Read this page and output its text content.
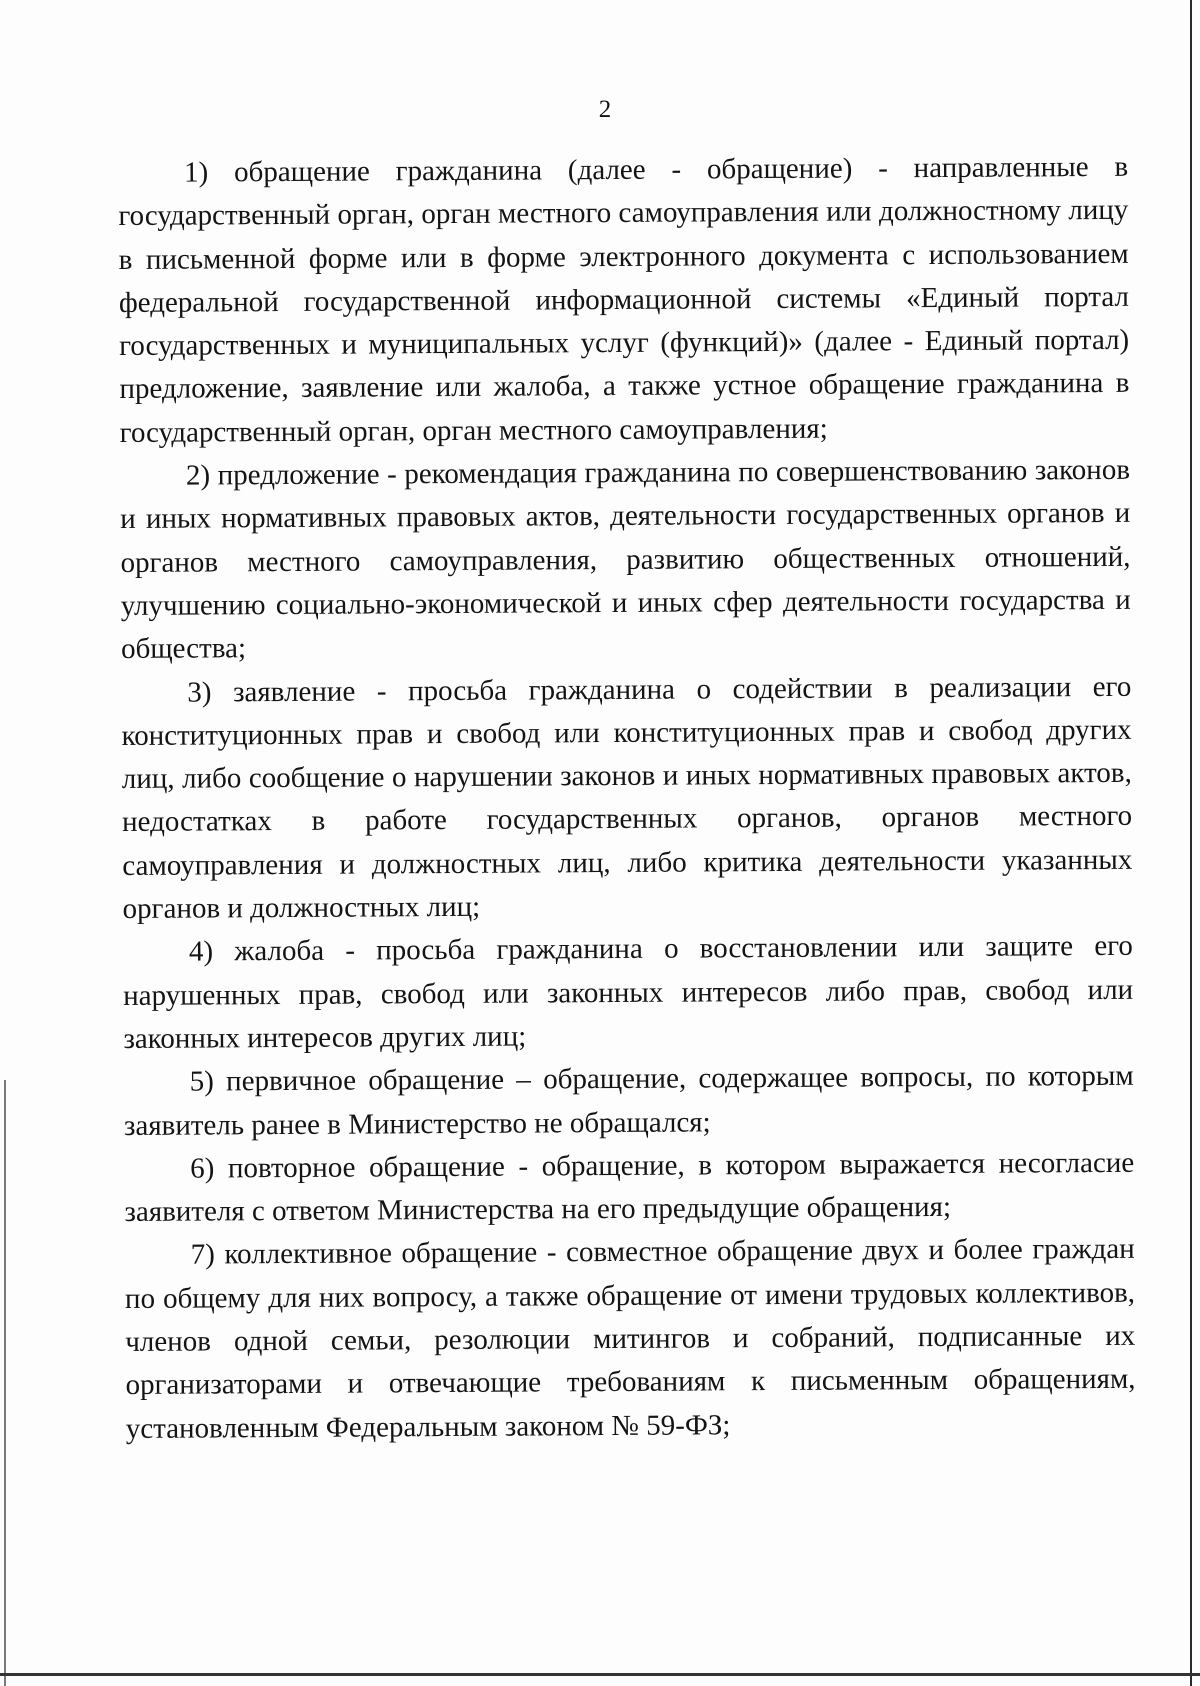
2

1) обращение гражданина (далее - обращение) - направленные в государственный орган, орган местного самоуправления или должностному лицу в письменной форме или в форме электронного документа с использованием федеральной государственной информационной системы «Единый портал государственных и муниципальных услуг (функций)» (далее - Единый портал) предложение, заявление или жалоба, а также устное обращение гражданина в государственный орган, орган местного самоуправления;

2) предложение - рекомендация гражданина по совершенствованию законов и иных нормативных правовых актов, деятельности государственных органов и органов местного самоуправления, развитию общественных отношений, улучшению социально-экономической и иных сфер деятельности государства и общества;

3) заявление - просьба гражданина о содействии в реализации его конституционных прав и свобод или конституционных прав и свобод других лиц, либо сообщение о нарушении законов и иных нормативных правовых актов, недостатках в работе государственных органов, органов местного самоуправления и должностных лиц, либо критика деятельности указанных органов и должностных лиц;

4) жалоба - просьба гражданина о восстановлении или защите его нарушенных прав, свобод или законных интересов либо прав, свобод или законных интересов других лиц;

5) первичное обращение – обращение, содержащее вопросы, по которым заявитель ранее в Министерство не обращался;

6) повторное обращение - обращение, в котором выражается несогласие заявителя с ответом Министерства на его предыдущие обращения;

7) коллективное обращение - совместное обращение двух и более граждан по общему для них вопросу, а также обращение от имени трудовых коллективов, членов одной семьи, резолюции митингов и собраний, подписанные их организаторами и отвечающие требованиям к письменным обращениям, установленным Федеральным законом № 59-ФЗ;
